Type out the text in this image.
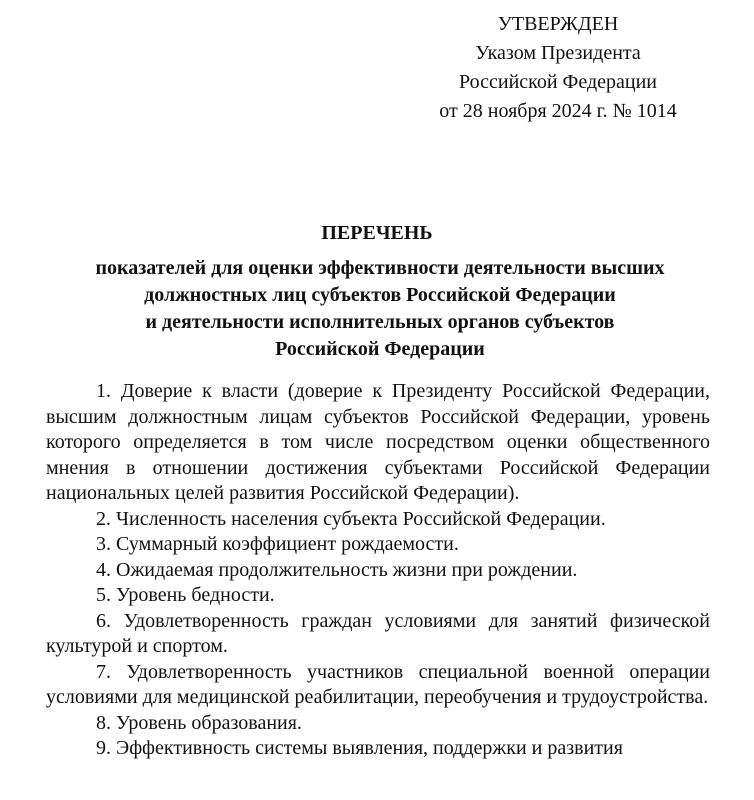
УТВЕРЖДЕН
Указом Президента
Российской Федерации
от 28 ноября 2024 г. № 1014
ПЕРЕЧЕНЬ
показателей для оценки эффективности деятельности высших
должностных лиц субъектов Российской Федерации
и деятельности исполнительных органов субъектов
Российской Федерации

1. Доверие к власти (доверие к Президенту Российской Федерации, высшим должностным лицам субъектов Российской Федерации, уровень которого определяется в том числе посредством оценки общественного мнения в отношении достижения субъектами Российской Федерации национальных целей развития Российской Федерации).

2. Численность населения субъекта Российской Федерации.

3. Суммарный коэффициент рождаемости.

4. Ожидаемая продолжительность жизни при рождении.

5. Уровень бедности.

6. Удовлетворенность граждан условиями для занятий физической культурой и спортом.

7. Удовлетворенность участников специальной военной операции условиями для медицинской реабилитации, переобучения и трудоустройства.

8. Уровень образования.

9. Эффективность системы выявления, поддержки и развития
